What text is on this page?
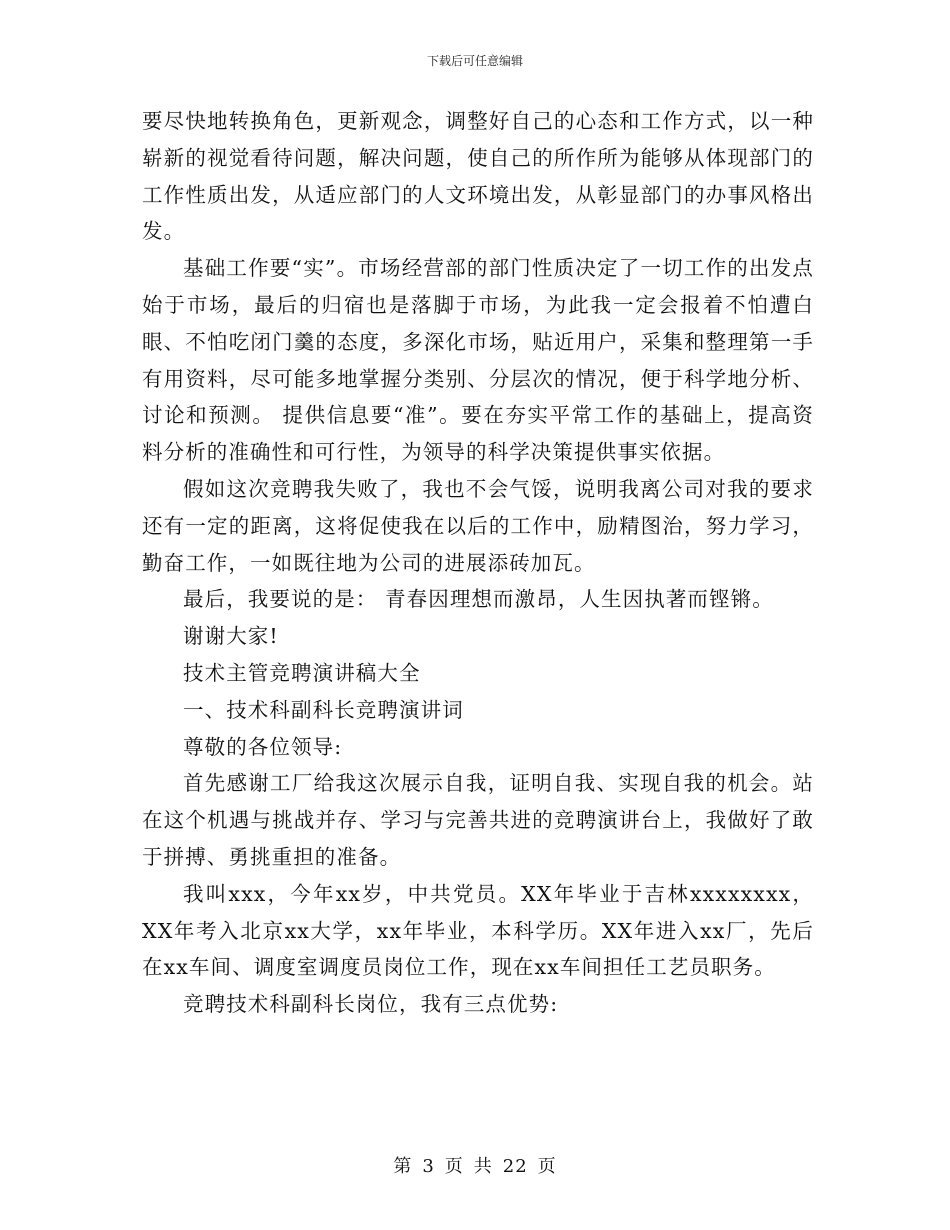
下载后可任意编辑

要尽快地转换角色，更新观念，调整好自己的心态和工作方式，以一种崭新的视觉看待问题，解决问题，使自己的所作所为能够从体现部门的工作性质出发，从适应部门的人文环境出发，从彰显部门的办事风格出发。

基础工作要“实”。市场经营部的部门性质决定了一切工作的出发点始于市场，最后的归宿也是落脚于市场，为此我一定会报着不怕遭白眼、不怕吃闭门羹的态度，多深化市场，贴近用户，采集和整理第一手有用资料，尽可能多地掌握分类别、分层次的情况，便于科学地分析、讨论和预测。 提供信息要“准”。要在夯实平常工作的基础上，提高资料分析的准确性和可行性，为领导的科学决策提供事实依据。

假如这次竞聘我失败了，我也不会气馁，说明我离公司对我的要求还有一定的距离，这将促使我在以后的工作中，励精图治，努力学习，勤奋工作，一如既往地为公司的进展添砖加瓦。

最后，我要说的是： 青春因理想而激昂，人生因执著而铿锵。

谢谢大家!

技术主管竞聘演讲稿大全

一、技术科副科长竞聘演讲词

尊敬的各位领导:

首先感谢工厂给我这次展示自我，证明自我、实现自我的机会。站在这个机遇与挑战并存、学习与完善共进的竞聘演讲台上，我做好了敢于拼搏、勇挑重担的准备。

我叫xxx，今年xx岁，中共党员。XX年毕业于吉林xxxxxxxx，XX年考入北京xx大学，xx年毕业，本科学历。XX年进入xx厂，先后在xx车间、调度室调度员岗位工作，现在xx车间担任工艺员职务。

竞聘技术科副科长岗位，我有三点优势:

第 3 页 共 22 页
